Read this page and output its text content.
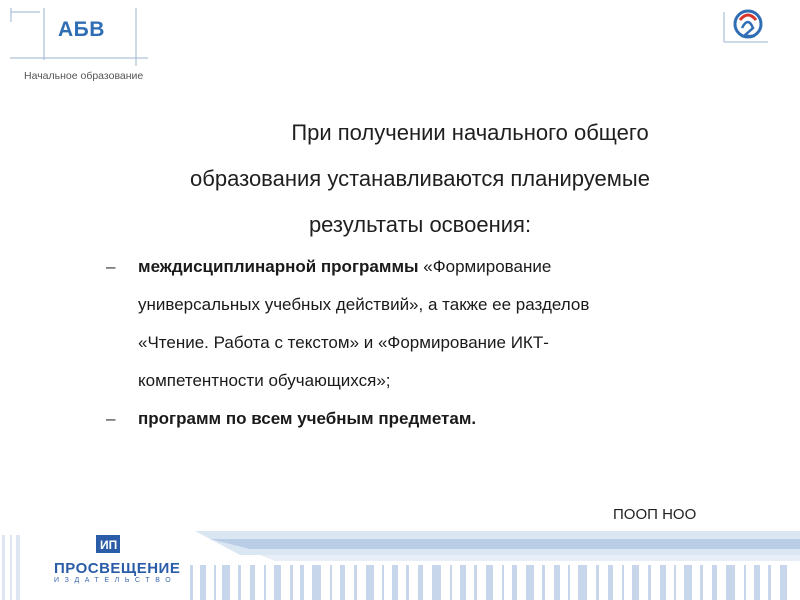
АБВ
Начальное образование
При получении начального общего
образования устанавливаются планируемые
результаты освоения:
– междисциплинарной программы «Формирование
универсальных учебных действий», а также ее разделов
«Чтение. Работа с текстом» и «Формирование ИКТ-
компетентности обучающихся»;
– программ по всем учебным предметам.
ПООП НОО
ИП
ПРОСВЕЩЕНИЕ
ИЗДАТЕЛЬСТВО
